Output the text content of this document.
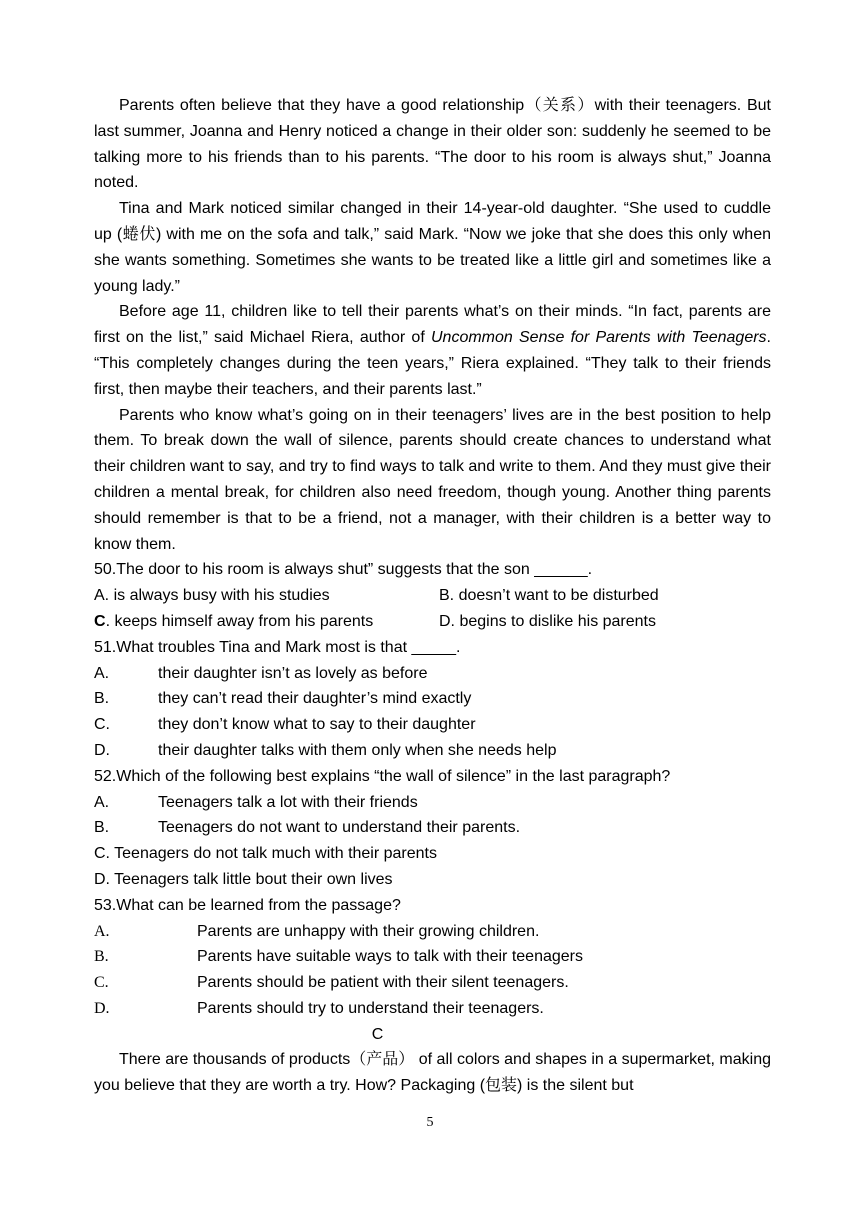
Parents often believe that they have a good relationship（关系）with their teenagers. But last summer, Joanna and Henry noticed a change in their older son: suddenly he seemed to be talking more to his friends than to his parents. “The door to his room is always shut,” Joanna noted.

Tina and Mark noticed similar changed in their 14-year-old daughter. “She used to cuddle up (蜷伏) with me on the sofa and talk,” said Mark. “Now we joke that she does this only when she wants something. Sometimes she wants to be treated like a little girl and sometimes like a young lady.”

Before age 11, children like to tell their parents what’s on their minds. “In fact, parents are first on the list,” said Michael Riera, author of Uncommon Sense for Parents with Teenagers. “This completely changes during the teen years,” Riera explained. “They talk to their friends first, then maybe their teachers, and their parents last.”

Parents who know what’s going on in their teenagers’ lives are in the best position to help them. To break down the wall of silence, parents should create chances to understand what their children want to say, and try to find ways to talk and write to them. And they must give their children a mental break, for children also need freedom, though young. Another thing parents should remember is that to be a friend, not a manager, with their children is a better way to know them.

50.The door to his room is always shut” suggests that the son ______.

A. is always busy with his studies	B. doesn’t want to be disturbed
C. keeps himself away from his parents	D. begins to dislike his parents

51.What troubles Tina and Mark most is that _____.

A.	their daughter isn’t as lovely as before
B.	they can’t read their daughter’s mind exactly
C.	they don’t know what to say to their daughter
D.	their daughter talks with them only when she needs help

52.Which of the following best explains “the wall of silence” in the last paragraph?

A.	Teenagers talk a lot with their friends
B.	Teenagers do not want to understand their parents.

C. Teenagers do not talk much with their parents

D. Teenagers talk little bout their own lives

53.What can be learned from the passage?

A.	Parents are unhappy with their growing children.
B.	Parents have suitable ways to talk with their teenagers
C.	Parents should be patient with their silent teenagers.
D.	Parents should try to understand their teenagers.

C

There are thousands of products（产品） of all colors and shapes in a supermarket, making you believe that they are worth a try. How? Packaging (包装) is the silent but

5
